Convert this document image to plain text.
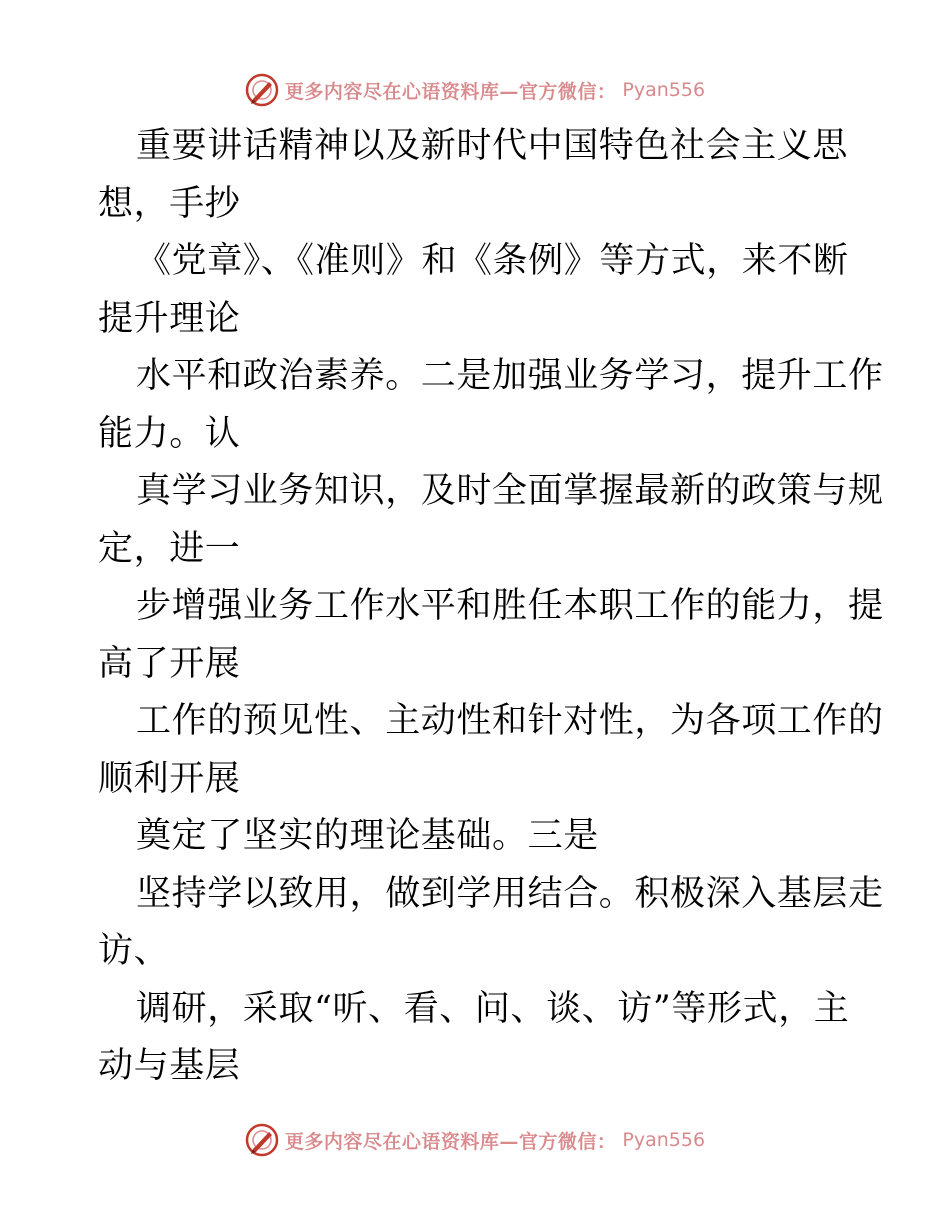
更多内容尽在心语资料库—官方微信： Pyan556
重要讲话精神以及新时代中国特色社会主义思
想，手抄
《党章》、《准则》和《条例》等方式，来不断
提升理论
水平和政治素养。二是加强业务学习，提升工作
能力。认
真学习业务知识，及时全面掌握最新的政策与规
定，进一
步增强业务工作水平和胜任本职工作的能力，提
高了开展
工作的预见性、主动性和针对性，为各项工作的
顺利开展
奠定了坚实的理论基础。三是
坚持学以致用，做到学用结合。积极深入基层走
访、
调研，采取“听、看、问、谈、访”等形式，主
动与基层
更多内容尽在心语资料库—官方微信： Pyan556
